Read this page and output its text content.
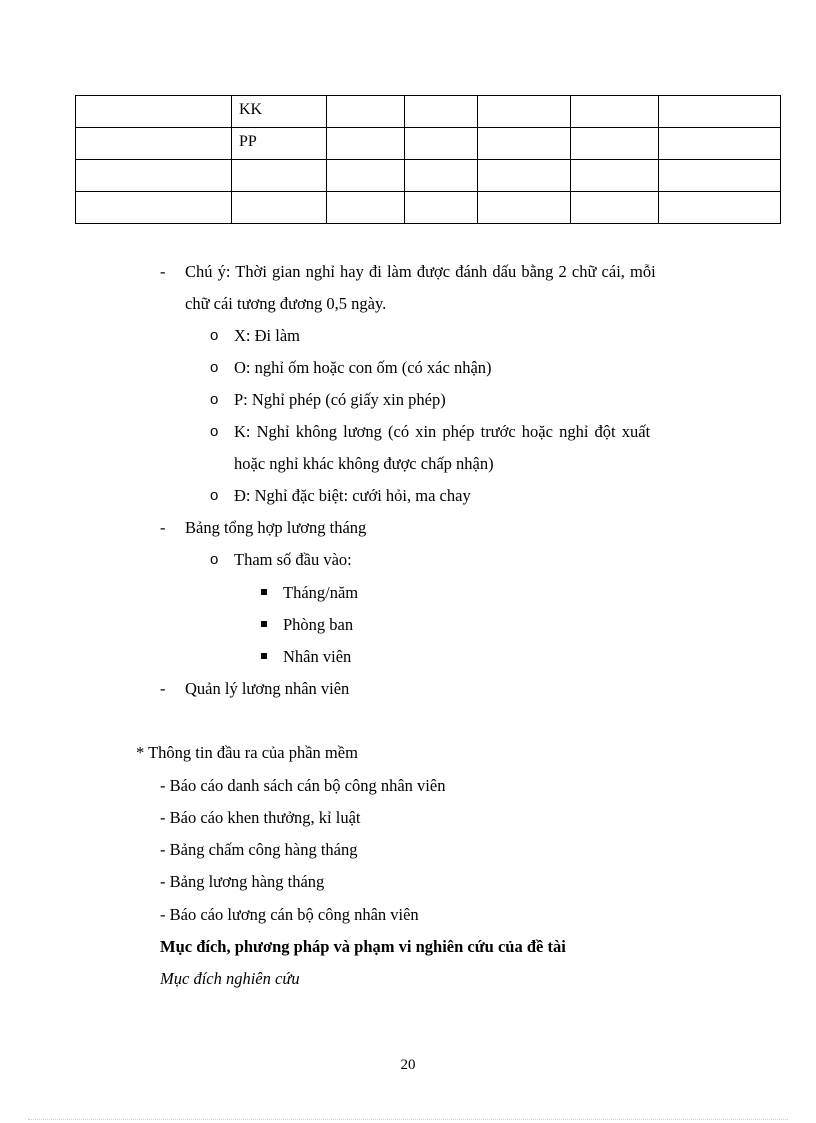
	KK					
	PP					

- Chú ý: Thời gian nghỉ hay đi làm được đánh dấu bằng 2 chữ cái, mỗi
chữ cái tương đương 0,5 ngày.
o X: Đi làm
o O: nghỉ ốm hoặc con ốm (có xác nhận)
o P: Nghỉ phép (có giấy xin phép)
o K: Nghỉ không lương (có xin phép trước hoặc nghỉ đột xuất
hoặc nghỉ khác không được chấp nhận)
o Đ: Nghỉ đặc biệt: cưới hỏi, ma chay
- Bảng tổng hợp lương tháng
o Tham số đầu vào:
Tháng/năm
Phòng ban
Nhân viên
- Quản lý lương nhân viên
* Thông tin đầu ra của phần mềm
- Báo cáo danh sách cán bộ công nhân viên
- Báo cáo khen thưởng, kỉ luật
- Bảng chấm công hàng tháng
- Bảng lương hàng tháng
- Báo cáo lương cán bộ công nhân viên
Mục đích, phương pháp và phạm vi nghiên cứu của đề tài
Mục đích nghiên cứu
20
